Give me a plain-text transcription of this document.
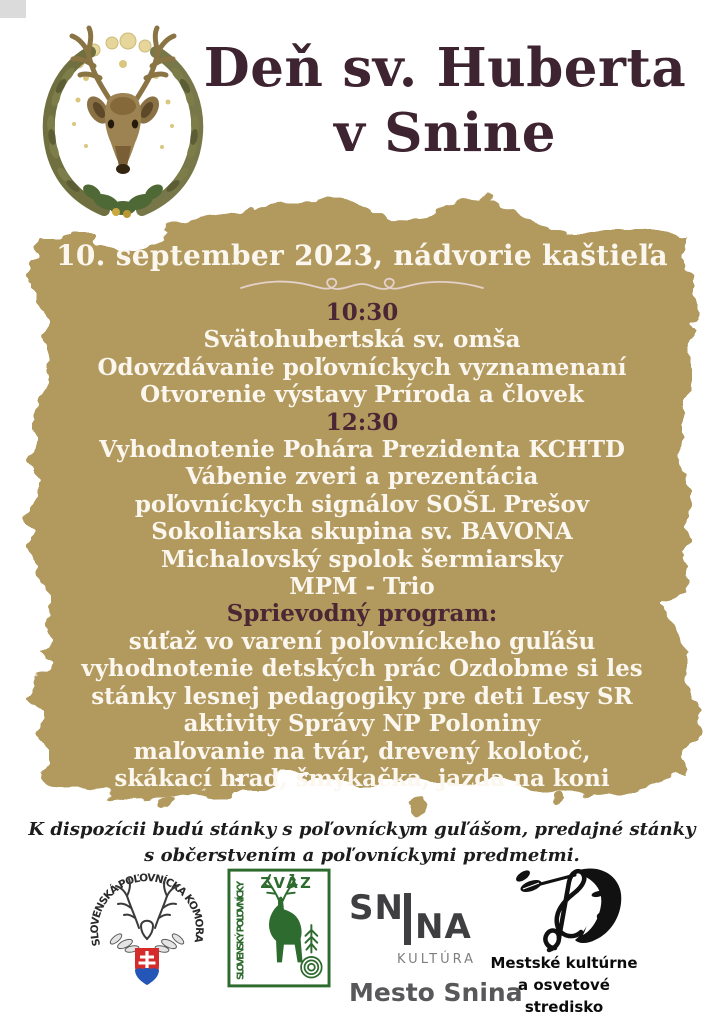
Deň sv. Huberta
v Snine
10. september 2023, nádvorie kaštieľa
10:30
Svätohubertská sv. omša
Odovzdávanie poľovníckych vyznamenaní
Otvorenie výstavy Príroda a človek
12:30
Vyhodnotenie Pohára Prezidenta KCHTD
Vábenie zveri a prezentácia
poľovníckych signálov SOŠL Prešov
Sokoliarska skupina sv. BAVONA
Michalovský spolok šermiarsky
MPM - Trio
Sprievodný program:
súťaž vo varení poľovníckeho guľášu
vyhodnotenie detských prác Ozdobme si les
stánky lesnej pedagogiky pre deti Lesy SR
aktivity Správy NP Poloniny
maľovanie na tvár, drevený kolotoč,
skákací hrad, šmýkačka, jazda na koni
K dispozícii budú stánky s poľovníckym guľášom, predajné stánky
s občerstvením a poľovníckymi predmetmi.
SLOVENSKÁ POĽOVNÍCKA KOMORA
SLOVENSKÝ POĽOVNÍCKY ZVÄZ
SN NA
KULTÚRA
Mesto Snina
Mestské kultúrne
a osvetové stredisko
